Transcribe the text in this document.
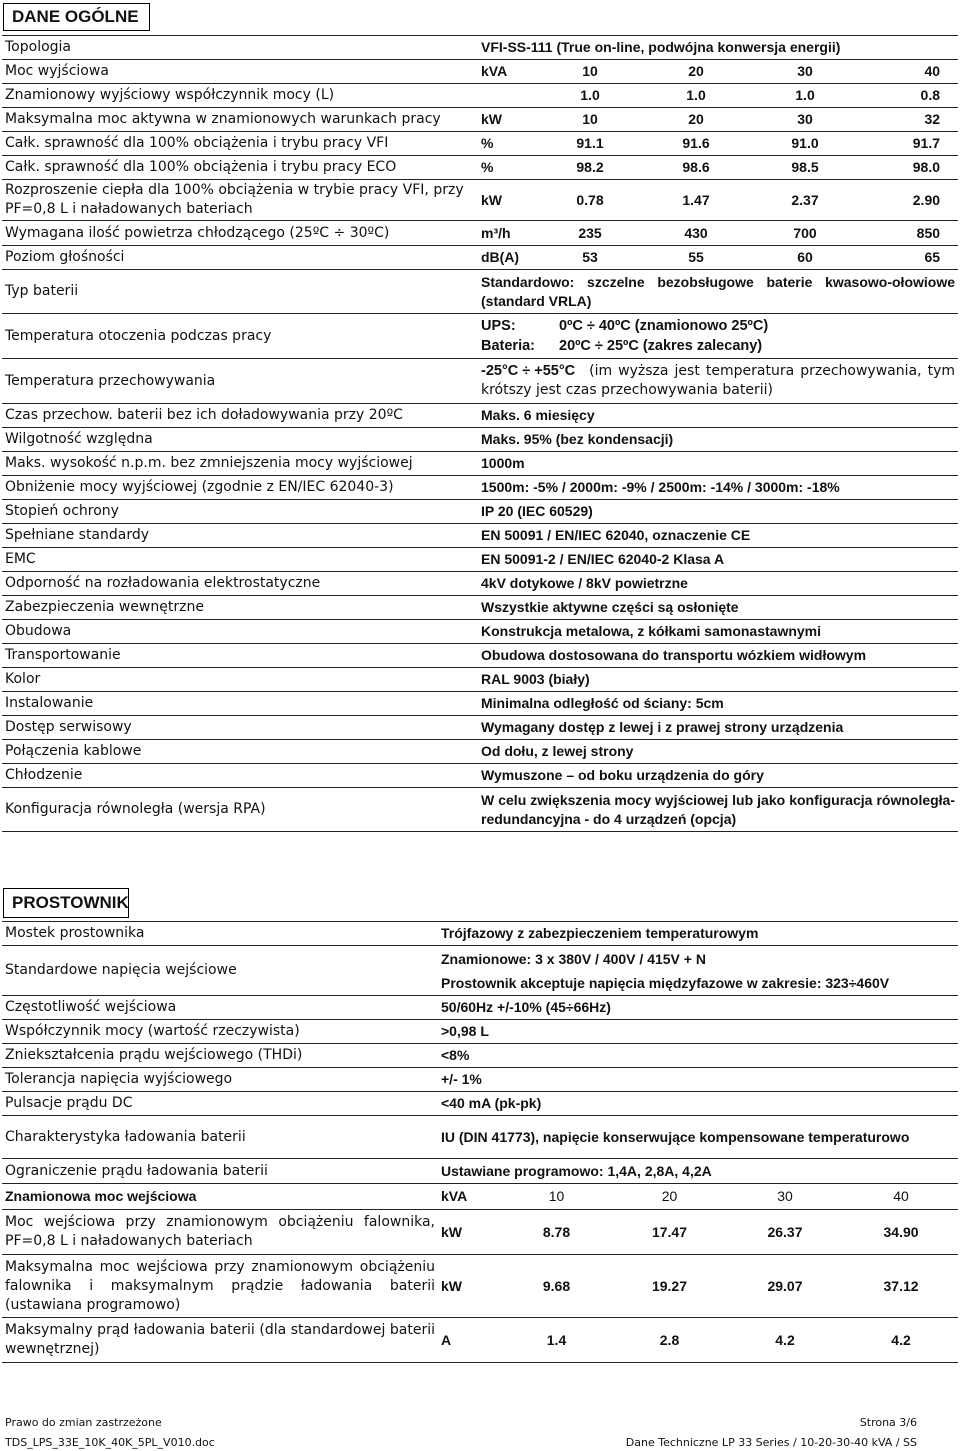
DANE OGÓLNE
Topologia	VFI-SS-111 (True on-line, podwójna konwersja energii)				
Moc wyjściowa	kVA	10	20	30	40
Znamionowy wyjściowy współczynnik mocy (L)		1.0	1.0	1.0	0.8
Maksymalna moc aktywna w znamionowych warunkach pracy	kW	10	20	30	32
Całk. sprawność dla 100% obciążenia i trybu pracy VFI	%	91.1	91.6	91.0	91.7
Całk. sprawność dla 100% obciążenia i trybu pracy ECO	%	98.2	98.6	98.5	98.0
Rozproszenie ciepła dla 100% obciążenia w trybie pracy VFI, przy PF=0,8 L i naładowanych bateriach	kW	0.78	1.47	2.37	2.90
Wymagana ilość powietrza chłodzącego (25ºC ÷ 30ºC)	m³/h	235	430	700	850
Poziom głośności	dB(A)	53	55	60	65
Typ baterii	Standardowo: szczelne bezobsługowe baterie kwasowo-ołowiowe (standard VRLA)				
Temperatura otoczenia podczas pracy	UPS: 0ºC ÷ 40ºC (znamionowo 25ºC)
Bateria: 20ºC ÷ 25ºC (zakres zalecany)				
Temperatura przechowywania	-25°C ÷ +55°C (im wyższa jest temperatura przechowywania, tym krótszy jest czas przechowywania baterii)				
Czas przechow. baterii bez ich doładowywania przy 20ºC	Maks. 6 miesięcy				
Wilgotność względna	Maks. 95% (bez kondensacji)				
Maks. wysokość n.p.m. bez zmniejszenia mocy wyjściowej	1000m				
Obniżenie mocy wyjściowej (zgodnie z EN/IEC 62040-3)	1500m: -5% / 2000m: -9% / 2500m: -14% / 3000m: -18%				
Stopień ochrony	IP 20 (IEC 60529)				
Spełniane standardy	EN 50091 / EN/IEC 62040, oznaczenie CE				
EMC	EN 50091-2 / EN/IEC 62040-2 Klasa A				
Odporność na rozładowania elektrostatyczne	4kV dotykowe / 8kV powietrzne				
Zabezpieczenia wewnętrzne	Wszystkie aktywne części są osłonięte				
Obudowa	Konstrukcja metalowa, z kółkami samonastawnymi				
Transportowanie	Obudowa dostosowana do transportu wózkiem widłowym				
Kolor	RAL 9003 (biały)				
Instalowanie	Minimalna odległość od ściany: 5cm				
Dostęp serwisowy	Wymagany dostęp z lewej i z prawej strony urządzenia				
Połączenia kablowe	Od dołu, z lewej strony				
Chłodzenie	Wymuszone – od boku urządzenia do góry				
Konfiguracja równoległa (wersja RPA)	W celu zwiększenia mocy wyjściowej lub jako konfiguracja równoległa-redundancyjna - do 4 urządzeń (opcja)				
PROSTOWNIK
Mostek prostownika	Trójfazowy z zabezpieczeniem temperaturowym				
Standardowe napięcia wejściowe	Znamionowe: 3 x 380V / 400V / 415V + N
Prostownik akceptuje napięcia międzyfazowe w zakresie: 323÷460V				
Częstotliwość wejściowa	50/60Hz +/-10% (45÷66Hz)				
Współczynnik mocy (wartość rzeczywista)	>0,98 L				
Zniekształcenia prądu wejściowego (THDi)	<8%				
Tolerancja napięcia wyjściowego	+/- 1%				
Pulsacje prądu DC	<40 mA (pk-pk)				
Charakterystyka ładowania baterii	IU (DIN 41773), napięcie konserwujące kompensowane temperaturowo				
Ograniczenie prądu ładowania baterii	Ustawiane programowo: 1,4A, 2,8A, 4,2A				
Znamionowa moc wejściowa	kVA	10	20	30	40
Moc wejściowa przy znamionowym obciążeniu falownika, PF=0,8 L i naładowanych bateriach	kW	8.78	17.47	26.37	34.90
Maksymalna moc wejściowa przy znamionowym obciążeniu falownika i maksymalnym prądzie ładowania baterii (ustawiana programowo)	kW	9.68	19.27	29.07	37.12
Maksymalny prąd ładowania baterii (dla standardowej baterii wewnętrznej)	A	1.4	2.8	4.2	4.2
Prawo do zmian zastrzeżone
TDS_LPS_33E_10K_40K_5PL_V010.doc
Strona 3/6
Dane Techniczne LP 33 Series / 10-20-30-40 kVA / SS
